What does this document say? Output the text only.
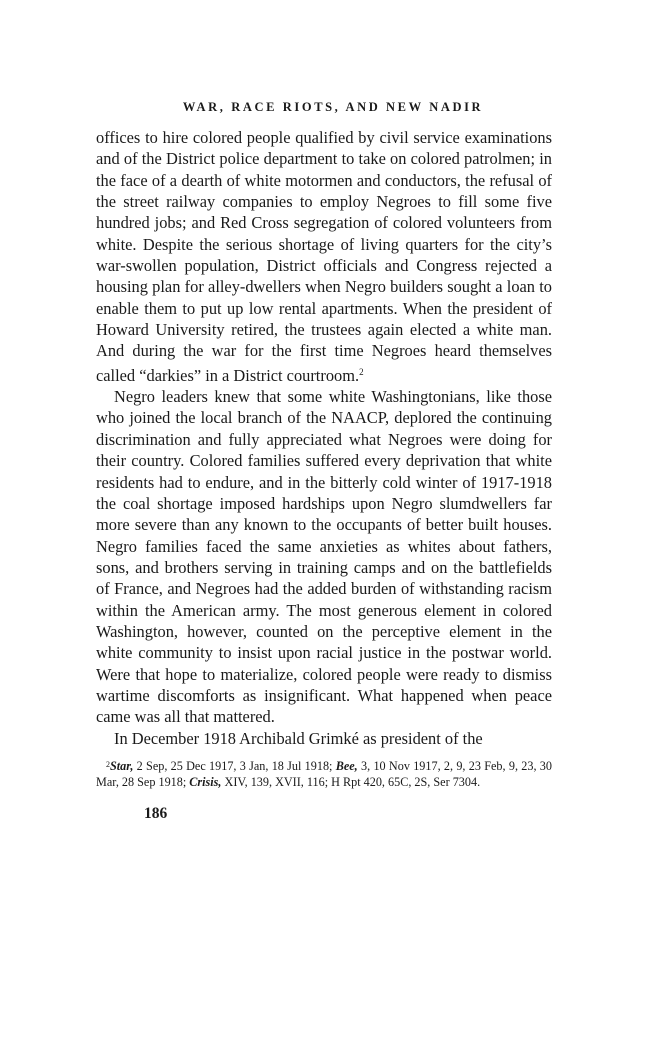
WAR, RACE RIOTS, AND NEW NADIR

offices to hire colored people qualified by civil service examinations and of the District police department to take on colored patrolmen; in the face of a dearth of white motormen and conductors, the refusal of the street railway companies to employ Negroes to fill some five hundred jobs; and Red Cross segregation of colored volunteers from white. Despite the serious shortage of living quarters for the city’s war-swollen population, District officials and Congress rejected a housing plan for alley-dwellers when Negro builders sought a loan to enable them to put up low rental apartments. When the president of Howard University retired, the trustees again elected a white man. And during the war for the first time Negroes heard themselves called “darkies” in a District courtroom.$^2$

Negro leaders knew that some white Washingtonians, like those who joined the local branch of the NAACP, deplored the continuing discrimination and fully appreciated what Negroes were doing for their country. Colored families suffered every deprivation that white residents had to endure, and in the bitterly cold winter of 1917-1918 the coal shortage imposed hardships upon Negro slumdwellers far more severe than any known to the occupants of better built houses. Negro families faced the same anxieties as whites about fathers, sons, and brothers serving in training camps and on the battlefields of France, and Negroes had the added burden of withstanding racism within the American army. The most generous element in colored Washington, however, counted on the perceptive element in the white community to insist upon racial justice in the postwar world. Were that hope to materialize, colored people were ready to dismiss wartime discomforts as insignificant. What happened when peace came was all that mattered.

In December 1918 Archibald Grimké as president of the

$^2$Star, 2 Sep, 25 Dec 1917, 3 Jan, 18 Jul 1918; Bee, 3, 10 Nov 1917, 2, 9, 23 Feb, 9, 23, 30 Mar, 28 Sep 1918; Crisis, XIV, 139, XVII, 116; H Rpt 420, 65C, 2S, Ser 7304.
186
